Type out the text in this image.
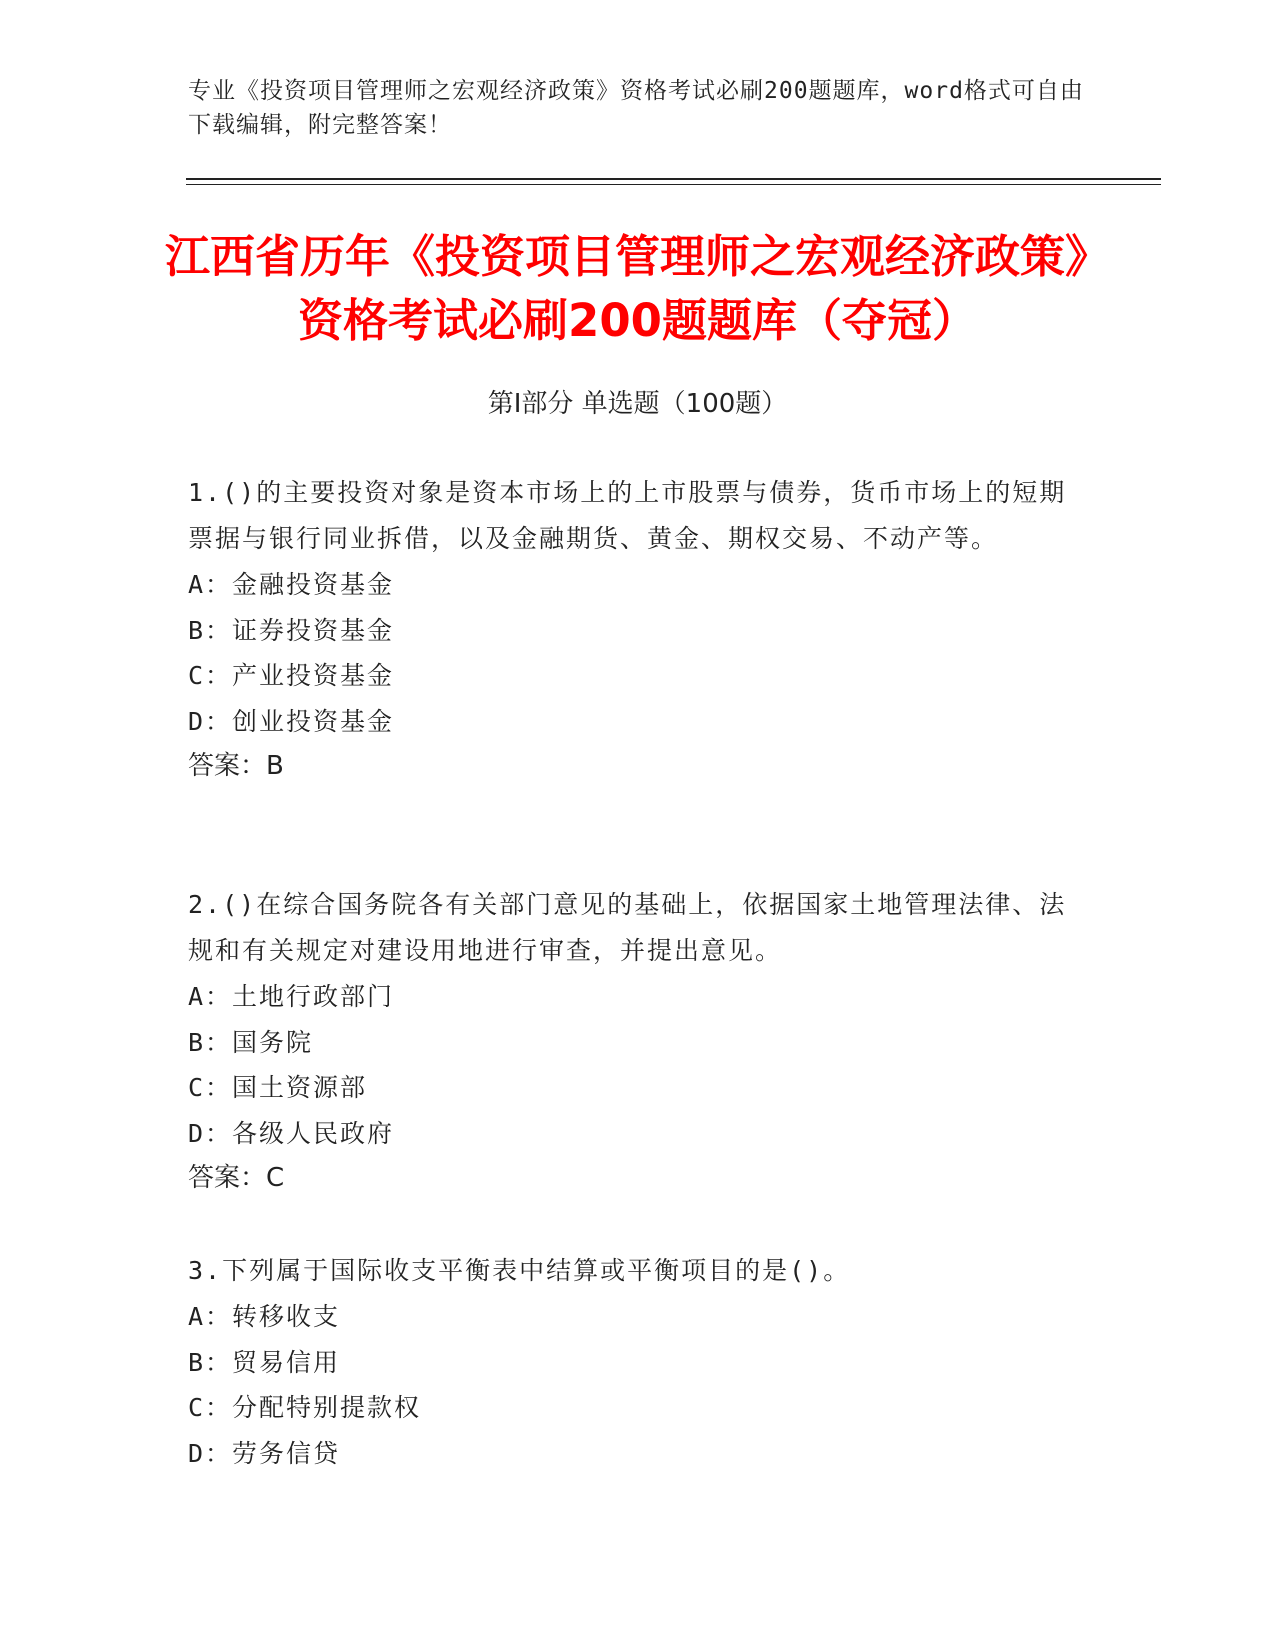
专业《投资项目管理师之宏观经济政策》资格考试必刷200题题库，word格式可自由下载编辑，附完整答案！
江西省历年《投资项目管理师之宏观经济政策》资格考试必刷200题题库（夺冠）
第I部分 单选题（100题）

1.()的主要投资对象是资本市场上的上市股票与债券，货币市场上的短期票据与银行同业拆借，以及金融期货、黄金、期权交易、不动产等。

A：金融投资基金

B：证券投资基金

C：产业投资基金

D：创业投资基金

答案：B

2.()在综合国务院各有关部门意见的基础上，依据国家土地管理法律、法规和有关规定对建设用地进行审查，并提出意见。

A：土地行政部门

B：国务院

C：国土资源部

D：各级人民政府

答案：C

3.下列属于国际收支平衡表中结算或平衡项目的是()。

A：转移收支

B：贸易信用

C：分配特别提款权

D：劳务信贷
